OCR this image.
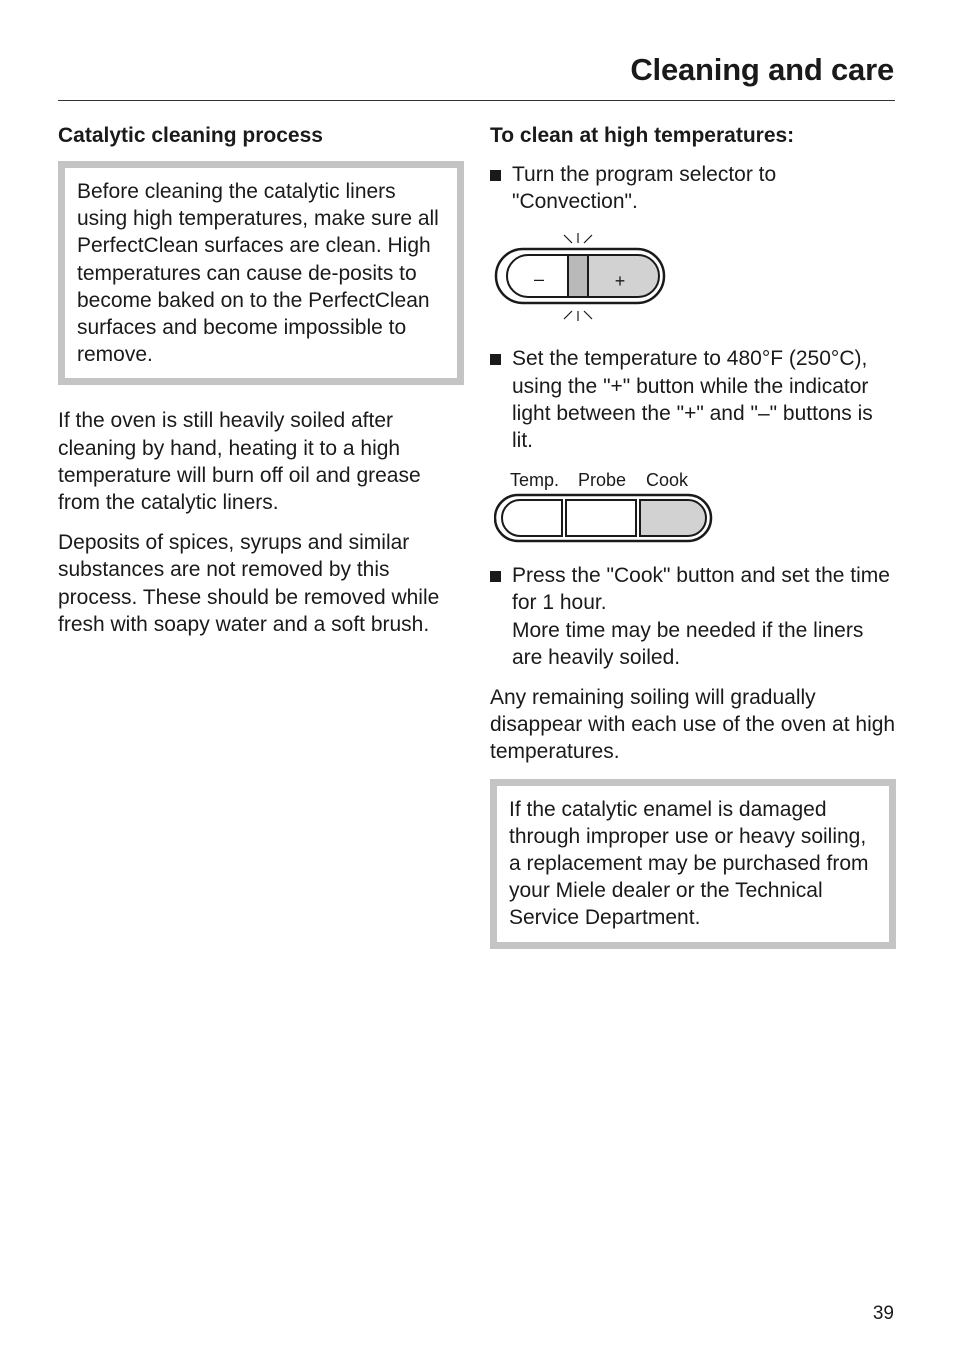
Cleaning and care
Catalytic cleaning process
Before cleaning the catalytic liners using high temperatures, make sure all PerfectClean surfaces are clean. High temperatures can cause de-posits to become baked on to the PerfectClean surfaces and become impossible to remove.
If the oven is still heavily soiled after cleaning by hand, heating it to a high temperature will burn off oil and grease from the catalytic liners.
Deposits of spices, syrups and similar substances are not removed by this process. These should be removed while fresh with soapy water and a soft brush.
To clean at high temperatures:
Turn the program selector to "Convection".
–	+
Set the temperature to 480°F (250°C), using the "+" button while the indicator light between the "+" and "–" buttons is lit.
Temp. Probe Cook
Press the "Cook" button and set the time for 1 hour.
More time may be needed if the liners are heavily soiled.
Any remaining soiling will gradually disappear with each use of the oven at high temperatures.
If the catalytic enamel is damaged through improper use or heavy soiling, a replacement may be purchased from your Miele dealer or the Technical Service Department.
39
